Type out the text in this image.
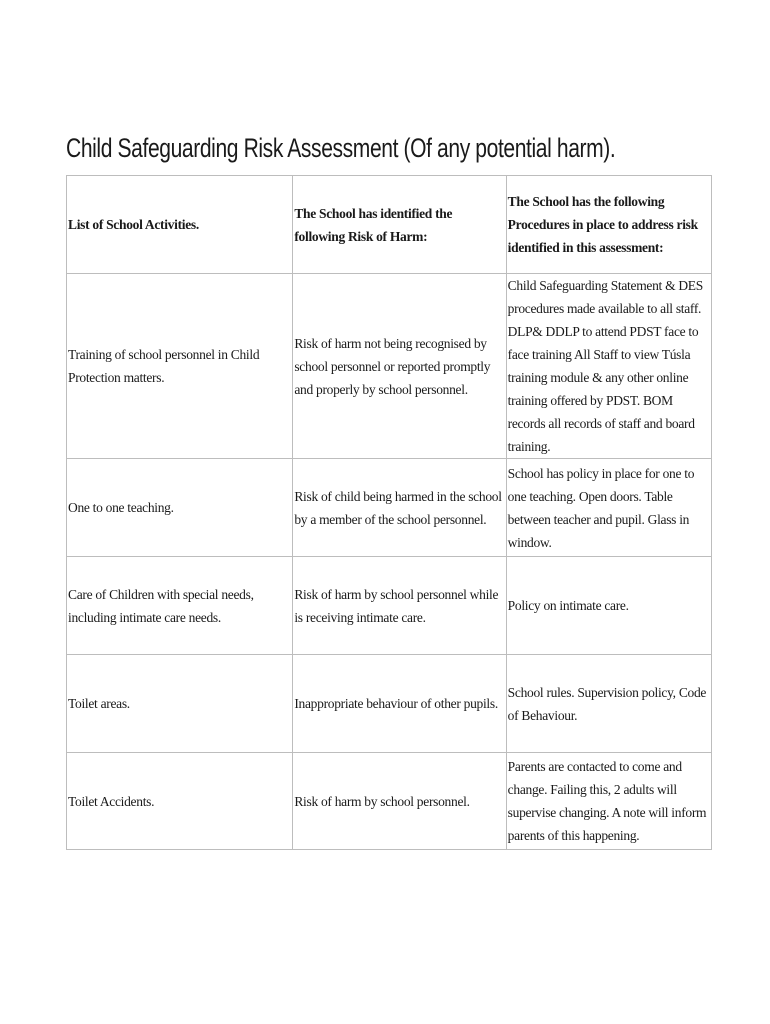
Child Safeguarding Risk Assessment (Of any potential harm).
List of School Activities.	The School has identified the following Risk of Harm:	The School has the following Procedures in place to address risk identified in this assessment:

Training of school personnel in Child Protection matters.	Risk of harm not being recognised by school personnel or reported promptly and properly by school personnel.	Child Safeguarding Statement & DES procedures made available to all staff. DLP& DDLP to attend PDST face to face training All Staff to view Túsla training module & any other online training offered by PDST. BOM records all records of staff and board training.

One to one teaching.	Risk of child being harmed in the school by a member of the school personnel.	School has policy in place for one to one teaching. Open doors. Table between teacher and pupil. Glass in window.

Care of Children with special needs, including intimate care needs.	Risk of harm by school personnel while is receiving intimate care.	Policy on intimate care.

Toilet areas.	Inappropriate behaviour of other pupils.	School rules. Supervision policy, Code of Behaviour.

Toilet Accidents.	Risk of harm by school personnel.	Parents are contacted to come and change. Failing this, 2 adults will supervise changing. A note will inform parents of this happening.
